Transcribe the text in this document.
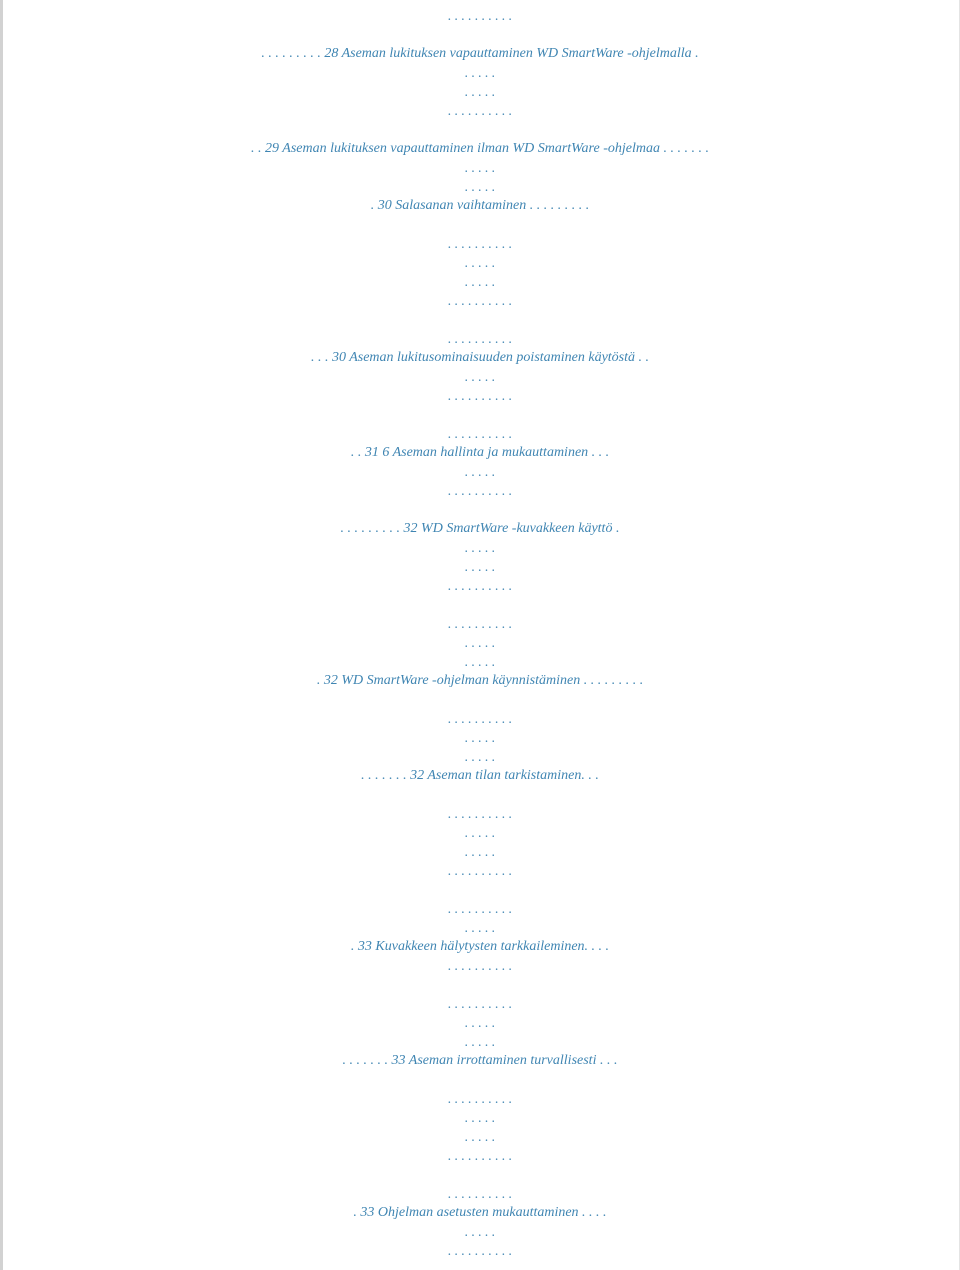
. . . . . . . . . .
. . . . . . . . . 28 Aseman lukituksen vapauttaminen WD SmartWare -ohjelmalla .
. . . . .
. . . . .
. . . . . . . . . .
. . 29 Aseman lukituksen vapauttaminen ilman WD SmartWare -ohjelmaa . . . . . . .
. . . . .
. . . . .
. 30 Salasanan vaihtaminen . . . . . . . . .
. . . . . . . . . .
. . . . .
. . . . .
. . . . . . . . . .
. . . . . . . . . .
. . . 30 Aseman lukitusominaisuuden poistaminen käytöstä . .
. . . . .
. . . . . . . . . .
. . . . . . . . . .
. . 31 6 Aseman hallinta ja mukauttaminen . . .
. . . . .
. . . . . . . . . .
. . . . . . . . . 32 WD SmartWare -kuvakkeen käyttö .
. . . . .
. . . . .
. . . . . . . . . .
. . . . . . . . . .
. . . . .
. . . . .
. 32 WD SmartWare -ohjelman käynnistäminen . . . . . . . . .
. . . . . . . . . .
. . . . .
. . . . .
. . . . . . . 32 Aseman tilan tarkistaminen. . .
. . . . . . . . . .
. . . . .
. . . . .
. . . . . . . . . .
. . . . . . . . . .
. . . . .
. 33 Kuvakkeen hälytysten tarkkaileminen. . . .
. . . . . . . . . .
. . . . . . . . . .
. . . . .
. . . . .
. . . . . . . 33 Aseman irrottaminen turvallisesti . . .
. . . . . . . . . .
. . . . .
. . . . .
. . . . . . . . . .
. . . . . . . . . .
. 33 Ohjelman asetusten mukauttaminen . . . .
. . . . .
. . . . . . . . . .
